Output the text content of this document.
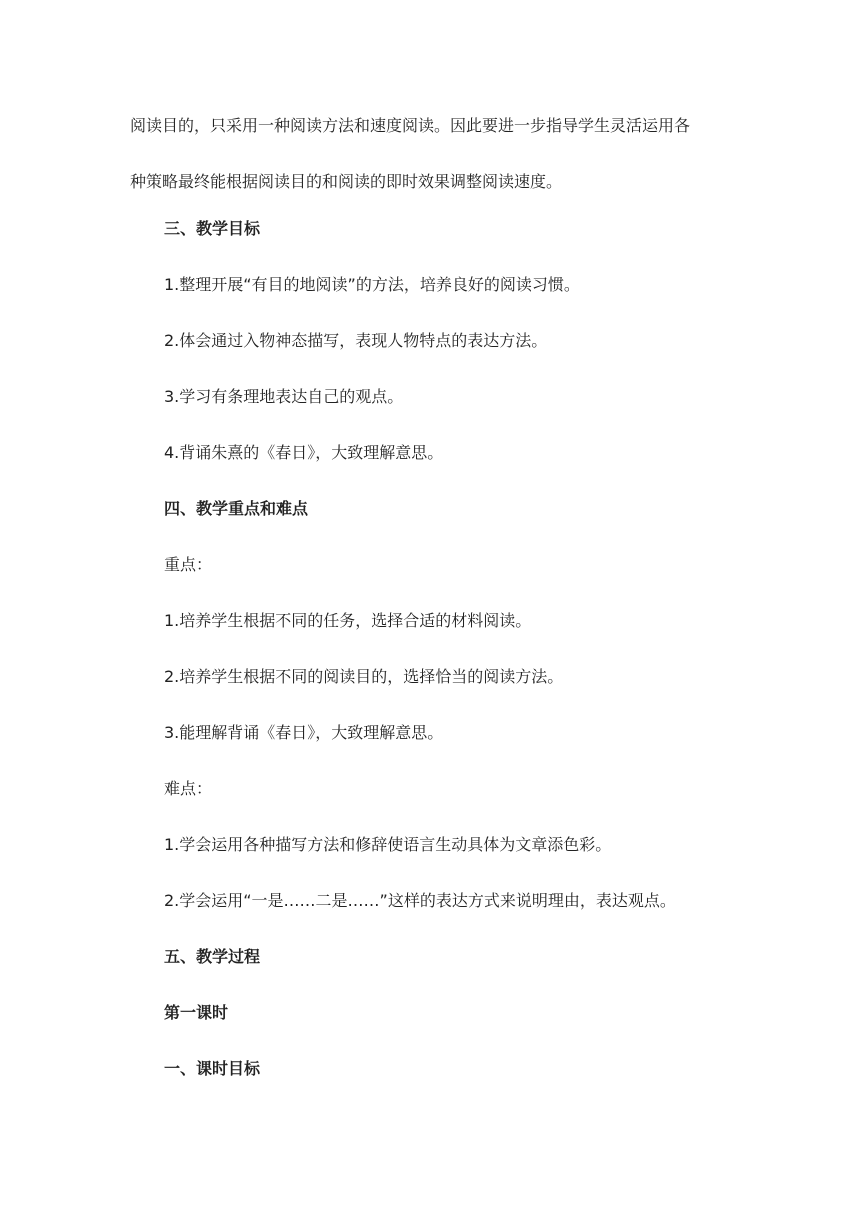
阅读目的，只采用一种阅读方法和速度阅读。因此要进一步指导学生灵活运用各
种策略最终能根据阅读目的和阅读的即时效果调整阅读速度。
三、教学目标
1.整理开展“有目的地阅读”的方法，培养良好的阅读习惯。
2.体会通过入物神态描写，表现人物特点的表达方法。
3.学习有条理地表达自己的观点。
4.背诵朱熹的《春日》，大致理解意思。
四、教学重点和难点
重点：
1.培养学生根据不同的任务，选择合适的材料阅读。
2.培养学生根据不同的阅读目的，选择恰当的阅读方法。
3.能理解背诵《春日》，大致理解意思。
难点：
1.学会运用各种描写方法和修辞使语言生动具体为文章添色彩。
2.学会运用“一是……二是……”这样的表达方式来说明理由，表达观点。
五、教学过程
第一课时
一、课时目标
